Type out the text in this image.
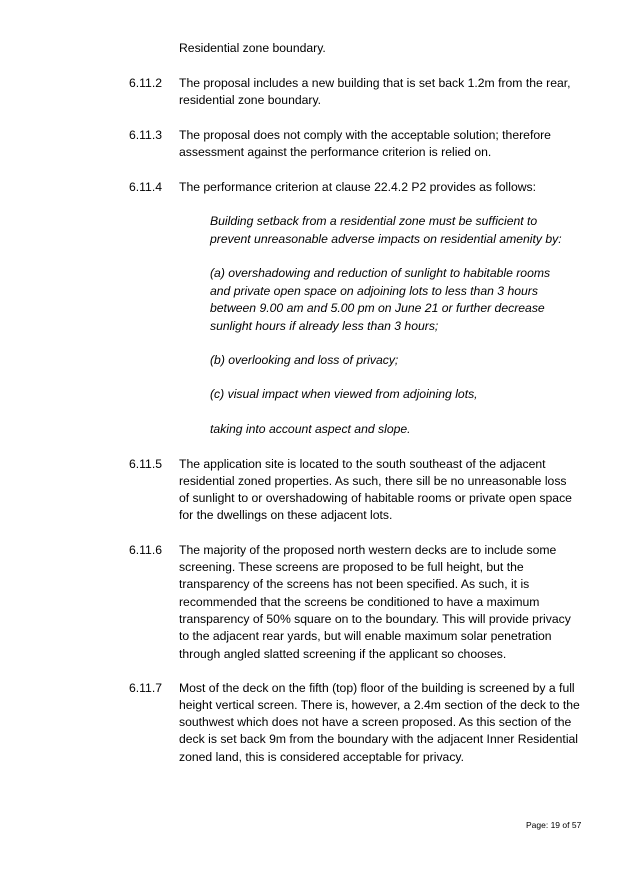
Residential zone boundary.
6.11.2 The proposal includes a new building that is set back 1.2m from the rear,
residential zone boundary.
6.11.3 The proposal does not comply with the acceptable solution; therefore
assessment against the performance criterion is relied on.
6.11.4 The performance criterion at clause 22.4.2 P2 provides as follows:
Building setback from a residential zone must be sufficient to
prevent unreasonable adverse impacts on residential amenity by:
(a) overshadowing and reduction of sunlight to habitable rooms
and private open space on adjoining lots to less than 3 hours
between 9.00 am and 5.00 pm on June 21 or further decrease
sunlight hours if already less than 3 hours;
(b) overlooking and loss of privacy;
(c) visual impact when viewed from adjoining lots,
taking into account aspect and slope.
6.11.5 The application site is located to the south southeast of the adjacent
residential zoned properties. As such, there sill be no unreasonable loss
of sunlight to or overshadowing of habitable rooms or private open space
for the dwellings on these adjacent lots.
6.11.6 The majority of the proposed north western decks are to include some
screening. These screens are proposed to be full height, but the
transparency of the screens has not been specified. As such, it is
recommended that the screens be conditioned to have a maximum
transparency of 50% square on to the boundary. This will provide privacy
to the adjacent rear yards, but will enable maximum solar penetration
through angled slatted screening if the applicant so chooses.
6.11.7 Most of the deck on the fifth (top) floor of the building is screened by a full
height vertical screen. There is, however, a 2.4m section of the deck to the
southwest which does not have a screen proposed. As this section of the
deck is set back 9m from the boundary with the adjacent Inner Residential
zoned land, this is considered acceptable for privacy.
Page: 19 of 57
